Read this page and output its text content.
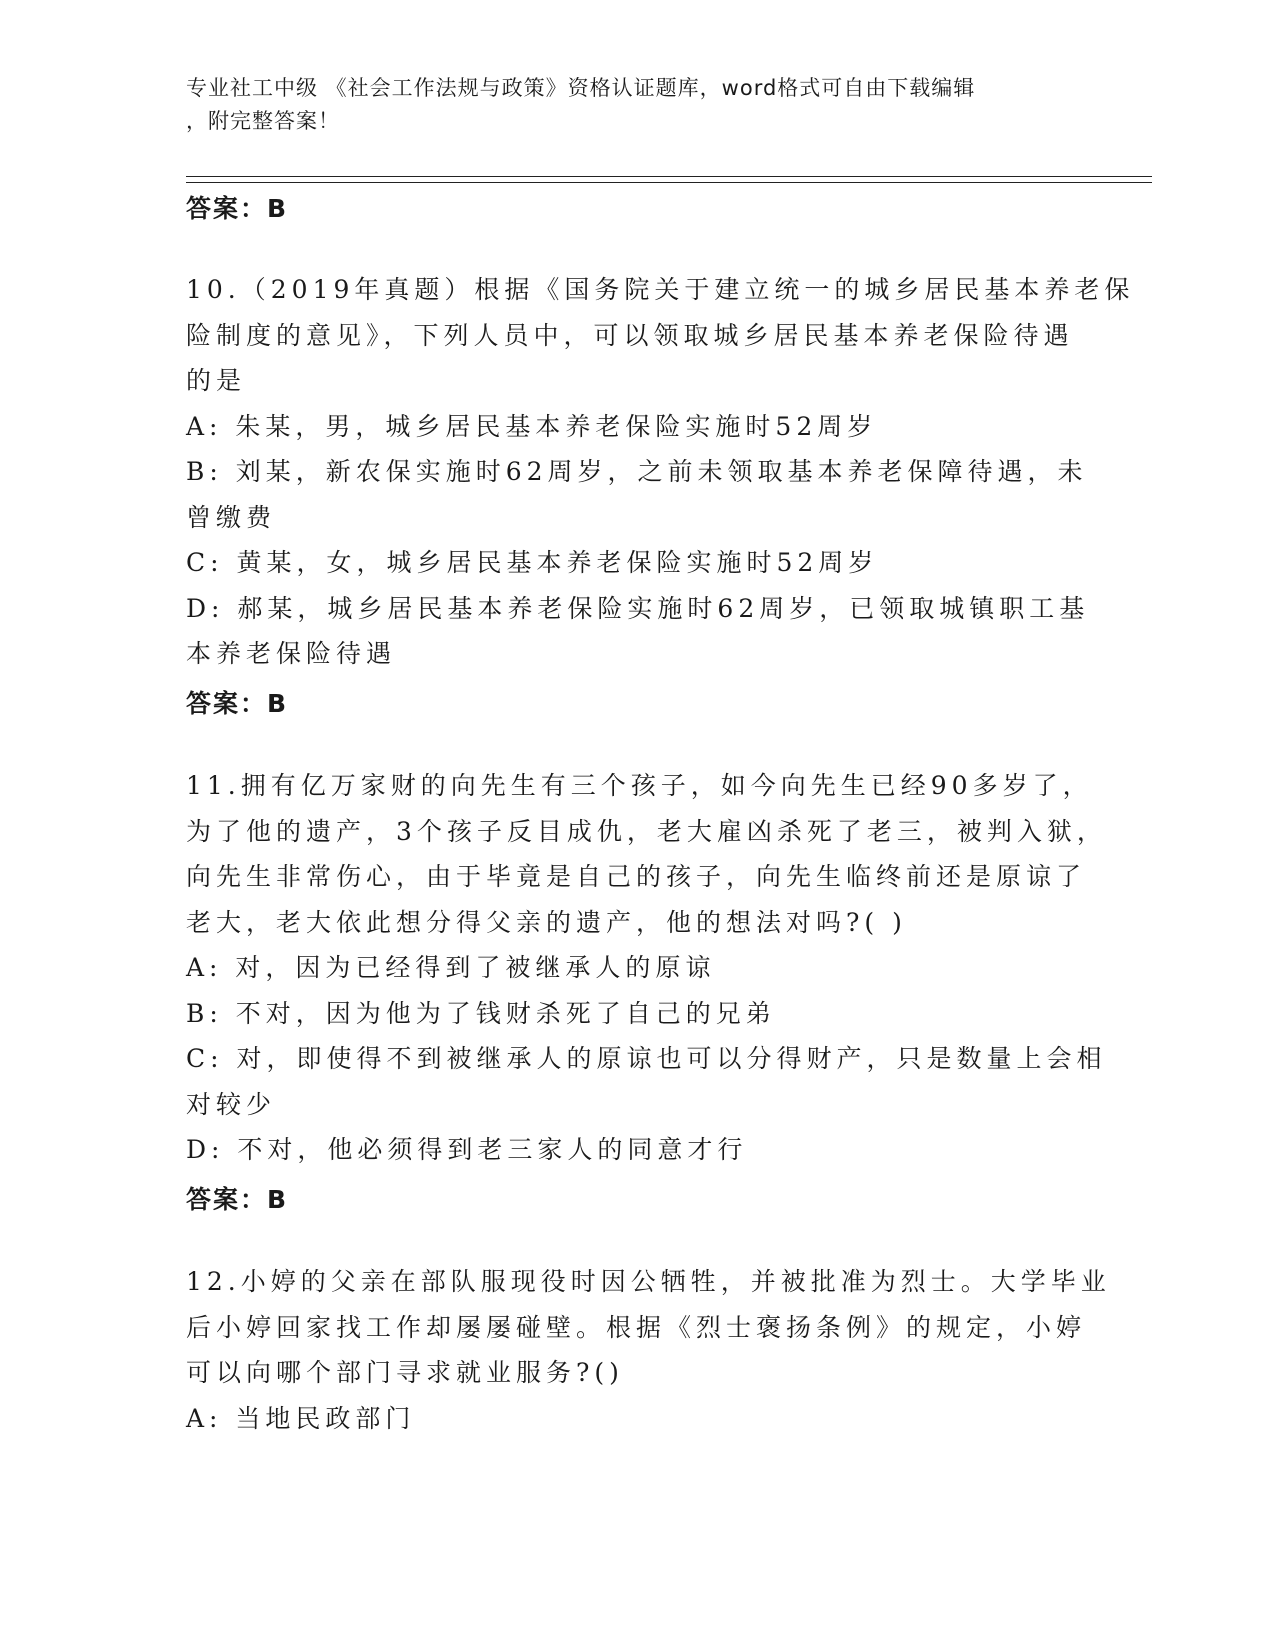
专业社工中级 《社会工作法规与政策》资格认证题库，word格式可自由下载编辑
，附完整答案！
答案：B
10.（2019年真题）根据《国务院关于建立统一的城乡居民基本养老保
险制度的意见》，下列人员中，可以领取城乡居民基本养老保险待遇
的是
A: 朱某，男，城乡居民基本养老保险实施时52周岁
B: 刘某，新农保实施时62周岁，之前未领取基本养老保障待遇，未
曾缴费
C: 黄某，女，城乡居民基本养老保险实施时52周岁
D: 郝某，城乡居民基本养老保险实施时62周岁，已领取城镇职工基
本养老保险待遇
答案：B
11.拥有亿万家财的向先生有三个孩子，如今向先生已经90多岁了，
为了他的遗产，3个孩子反目成仇，老大雇凶杀死了老三，被判入狱，
向先生非常伤心，由于毕竟是自己的孩子，向先生临终前还是原谅了
老大，老大依此想分得父亲的遗产，他的想法对吗?( )
A: 对，因为已经得到了被继承人的原谅
B: 不对，因为他为了钱财杀死了自己的兄弟
C: 对，即使得不到被继承人的原谅也可以分得财产，只是数量上会相
对较少
D: 不对，他必须得到老三家人的同意才行
答案：B
12.小婷的父亲在部队服现役时因公牺牲，并被批准为烈士。大学毕业
后小婷回家找工作却屡屡碰壁。根据《烈士褒扬条例》的规定，小婷
可以向哪个部门寻求就业服务?()
A: 当地民政部门
